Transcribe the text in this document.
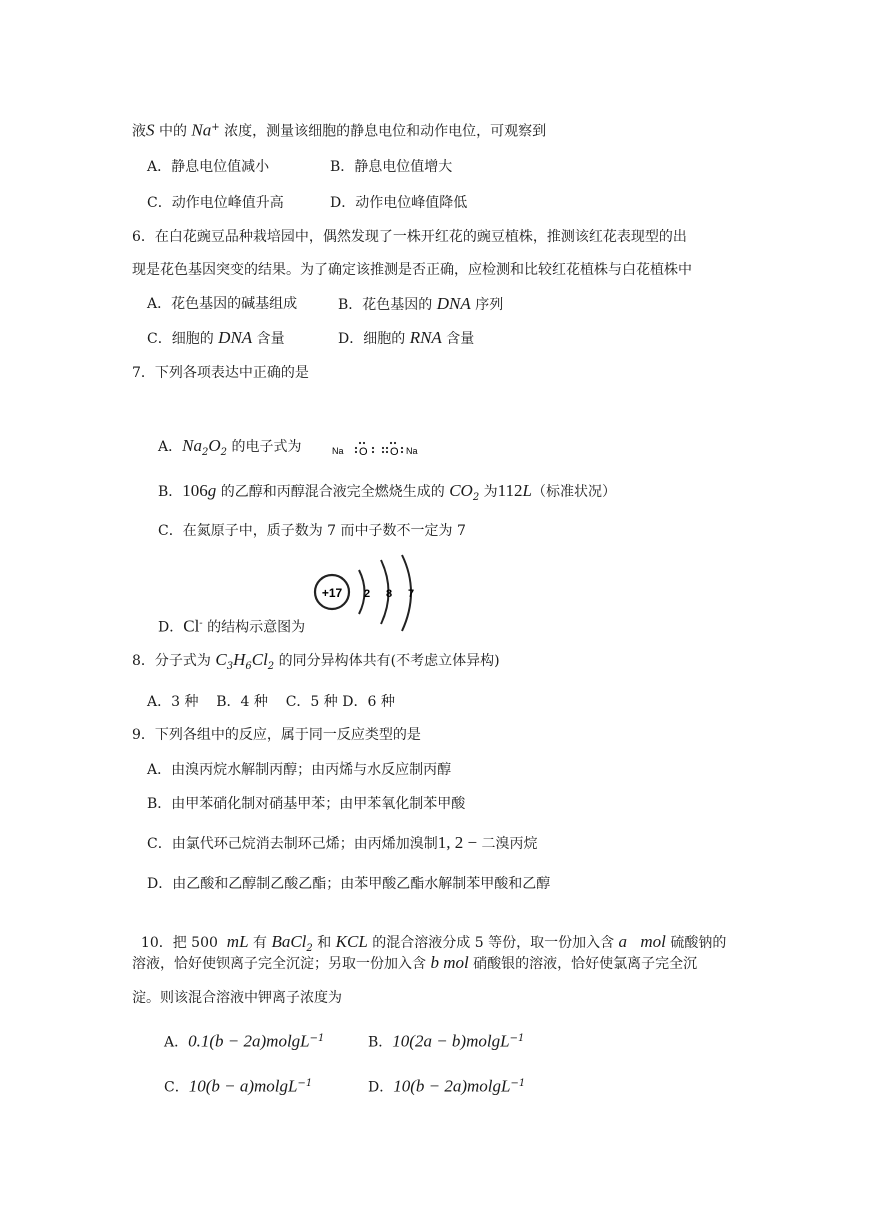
液S 中的 Na+ 浓度，测量该细胞的静息电位和动作电位，可观察到
A．静息电位值减小	B．静息电位值增大
C．动作电位峰值升高	D．动作电位峰值降低
6．在白花豌豆品种栽培园中，偶然发现了一株开红花的豌豆植株，推测该红花表现型的出
现是花色基因突变的结果。为了确定该推测是否正确，应检测和比较红花植株与白花植株中
A．花色基因的碱基组成	B．花色基因的 DNA 序列
C．细胞的 DNA 含量	D．细胞的 RNA 含量
7．下列各项表达中正确的是
A．$Na_2O_2$ 的电子式为	Na O O Na
B．106g 的乙醇和丙醇混合液完全燃烧生成的 $CO_2$ 为112L（标准状况）
C．在氮原子中，质子数为 7 而中子数不一定为 7
D．Cl- 的结构示意图为
+17 2 8 7
8．分子式为 $C_3H_6Cl_2$ 的同分异构体共有(不考虑立体异构)
A．3 种    B．4 种    C．5 种 D．6 种
9．下列各组中的反应，属于同一反应类型的是
A．由溴丙烷水解制丙醇；由丙烯与水反应制丙醇
B．由甲苯硝化制对硝基甲苯；由甲苯氧化制苯甲酸
C．由氯代环己烷消去制环己烯；由丙烯加溴制1, 2 − 二溴丙烷
D．由乙酸和乙醇制乙酸乙酯；由苯甲酸乙酯水解制苯甲酸和乙醇

10．把 500  mL 有 BaCl$_2$ 和 KCL 的混合溶液分成 5 等份，取一份加入含 a mol 硫酸钠的

溶液，恰好使钡离子完全沉淀；另取一份加入含 b mol 硝酸银的溶液，恰好使氯离子完全沉
淀。则该混合溶液中钾离子浓度为
A．0.1(b − 2a)molgL$^{-1}$	B．10(2a − b)molgL$^{-1}$
C．10(b − a)molgL$^{-1}$	D．10(b − 2a)molgL$^{-1}$
